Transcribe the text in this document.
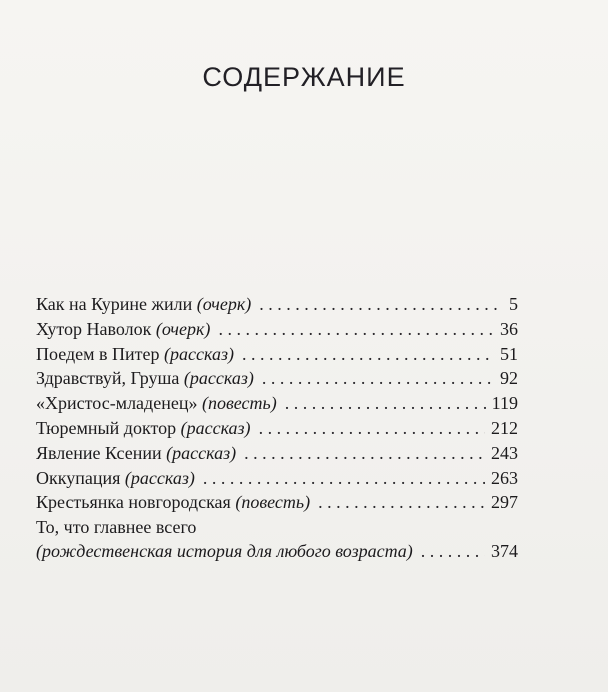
СОДЕРЖАНИЕ
Как на Курине жили (очерк) . . .	5
Хутор Наволок (очерк) . . .	36
Поедем в Питер (рассказ) . . .	51
Здравствуй, Груша (рассказ) . . .	92
«Христос-младенец» (повесть) . . .	119
Тюремный доктор (рассказ) . . .	212
Явление Ксении (рассказ) . . .	243
Оккупация (рассказ) . . .	263
Крестьянка новгородская (повесть) . . .	297
То, что главнее всего
(рождественская история для любого возраста) . . .	374
